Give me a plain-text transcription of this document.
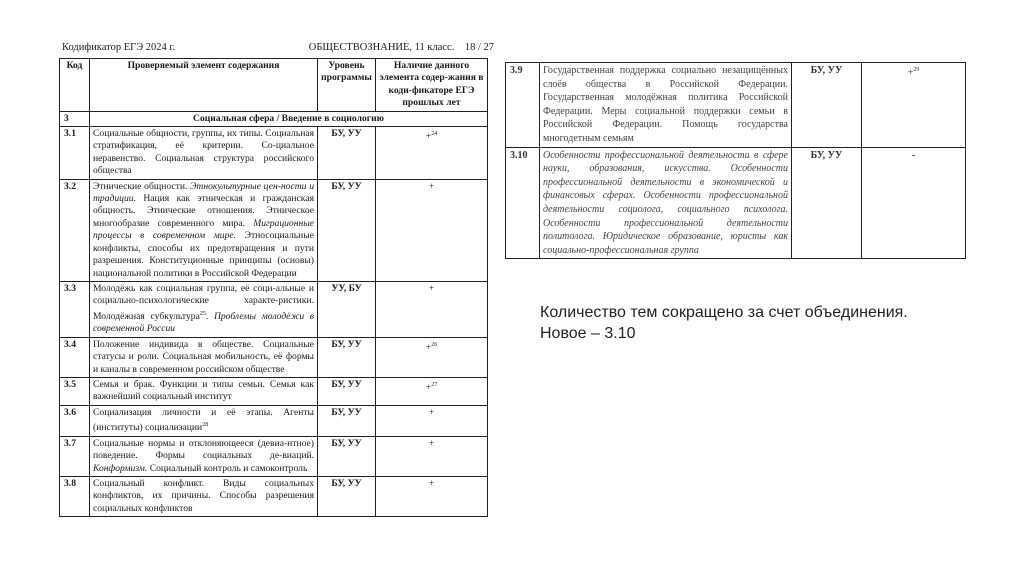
Кодификатор ЕГЭ 2024 г.	ОБЩЕСТВОЗНАНИЕ, 11 класс.    18 / 27
Код	Проверяемый элемент содержания	Уровень программы	Наличие данного элемента содер-жания в коди-фикаторе ЕГЭ прошлых лет
3	Социальная сфера / Введение в социологию		
3.1	Социальные общности, группы, их типы. Социальная стратификация, её критерии. Со-циальное неравенство. Социальная структура российского общества	БУ, УУ	+$^{24}$
3.2	Этнические общности. Этнокультурные цен-ности и традиции. Нация как этническая и гражданская общность. Этнические отношения. Этническое многообразие современного мира. Миграционные процессы в современном мире. Этносоциальные конфликты, способы их предотвращения и пути разрешения. Конституционные принципы (основы) национальной политики в Российской Федерации	БУ, УУ	+
3.3	Молодёжь как социальная группа, её соци-альные и социально-психологические характе-ристики. Молодёжная субкультура$^{25}$. Проблемы молодёжи в современной России	УУ, БУ	+
3.4	Положение индивида в обществе. Социальные статусы и роли. Социальная мобильность, её формы и каналы в современном российском обществе	БУ, УУ	+$^{26}$
3.5	Семья и брак. Функции и типы семьи. Семья как важнейший социальный институт	БУ, УУ	+$^{27}$
3.6	Социализация личности и её этапы. Агенты (институты) социализации$^{28}$	БУ, УУ	+
3.7	Социальные нормы и отклоняющееся (девиа-нтное) поведение. Формы социальных де-виаций. Конформизм. Социальный контроль и самоконтроль	БУ, УУ	+
3.8	Социальный конфликт. Виды социальных конфликтов, их причины. Способы разрешения социальных конфликтов	БУ, УУ	+
3.9	Государственная поддержка социально незащищённых слоёв общества в Российской Федерации. Государственная молодёжная политика Российской Федерации. Меры социальной поддержки семьи в Российской Федерации. Помощь государства многодетным семьям	БУ, УУ	+$^{29}$
3.10	Особенности профессиональной деятельности в сфере науки, образования, искусства. Особенности профессиональной деятельности в экономической и финансовых сферах. Особенности профессиональной деятельности социолога, социального психолога. Особенности профессиональной деятельности политолога. Юридическое образование, юристы как социально-профессиональная группа	БУ, УУ	-
Количество тем сокращено за счет объединения.
Новое – 3.10
